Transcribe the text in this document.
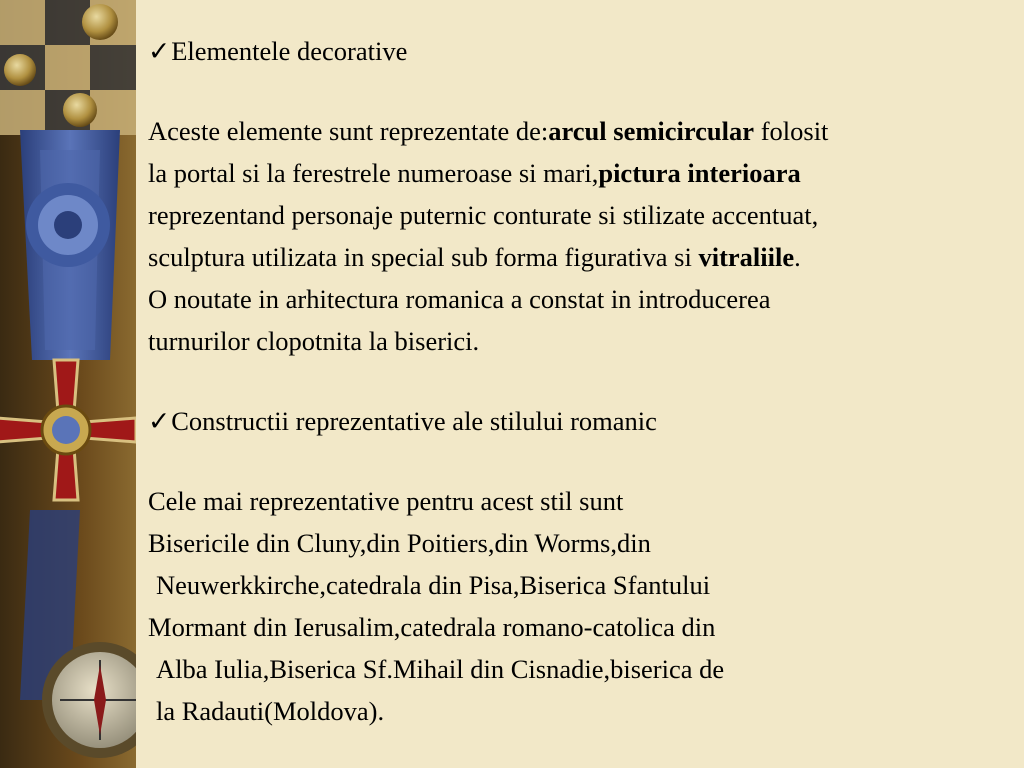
✓Elementele decorative
Aceste elemente sunt reprezentate de:arcul semicircular folosit
la portal si la ferestrele numeroase si mari,pictura interioara
reprezentand personaje puternic conturate si stilizate accentuat,
sculptura utilizata in special sub forma figurativa si vitraliile.
O noutate in arhitectura romanica a constat in introducerea
turnurilor clopotnita la biserici.
✓Constructii reprezentative ale stilului romanic
Cele mai reprezentative pentru acest stil sunt
Bisericile din Cluny,din Poitiers,din Worms,din
Neuwerkkirche,catedrala din Pisa,Biserica Sfantului
Mormant din Ierusalim,catedrala romano-catolica din
Alba Iulia,Biserica Sf.Mihail din Cisnadie,biserica de
la Radauti(Moldova).
